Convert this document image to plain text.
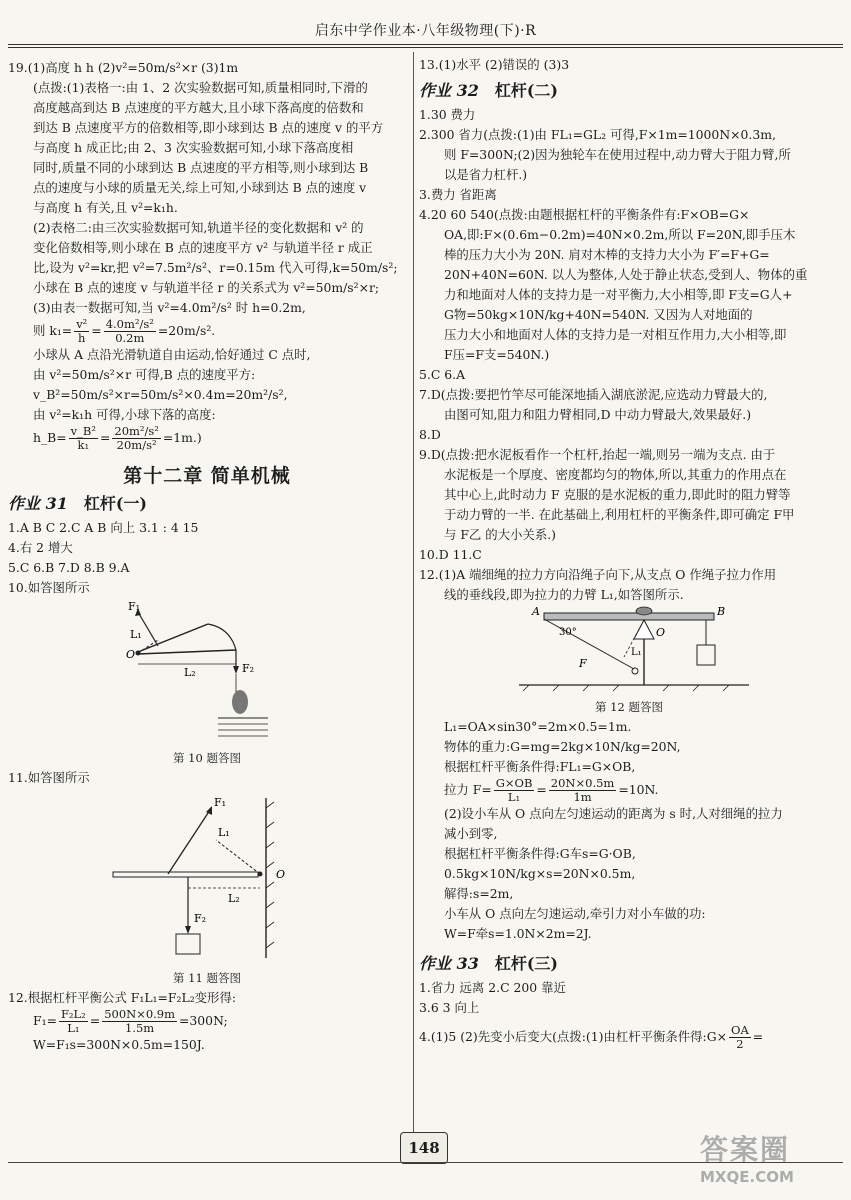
启东中学作业本·八年级物理(下)·R

19.(1)高度 h h (2)v²=50m/s²×r (3)1m

(点拨:(1)表格一:由 1、2 次实验数据可知,质量相同时,下滑的

高度越高到达 B 点速度的平方越大,且小球下落高度的倍数和

到达 B 点速度平方的倍数相等,即小球到达 B 点的速度 v 的平方

与高度 h 成正比;由 2、3 次实验数据可知,小球下落高度相

同时,质量不同的小球到达 B 点速度的平方相等,则小球到达 B

点的速度与小球的质量无关,综上可知,小球到达 B 点的速度 v

与高度 h 有关,且 v²=k₁h.

(2)表格二:由三次实验数据可知,轨道半径的变化数据和 v² 的

变化倍数相等,则小球在 B 点的速度平方 v² 与轨道半径 r 成正

比,设为 v²=kr,把 v²=7.5m²/s²、r=0.15m 代入可得,k=50m/s²;

小球在 B 点的速度 v 与轨道半径 r 的关系式为 v²=50m/s²×r;

(3)由表一数据可知,当 v²=4.0m²/s² 时 h=0.2m,

则 $k_1= \frac{\text{v²}}{h} = \frac{\text{4.0m²/s²}}{0.2m} =20m/s^2$.

小球从 A 点沿光滑轨道自由运动,恰好通过 C 点时,

由 v²=50m/s²×r 可得,B 点的速度平方:

v_B²=50m/s²×r=50m/s²×0.4m=20m²/s²,

由 v²=k₁h 可得,小球下落的高度:

h_B= $\frac{\text{v\_B²}}{\text{k₁}} = \frac{\text{20m²/s²}}{\text{20m/s²}} =1m$.)

第十二章 简单机械
作业 31 杠杆(一)

1.A B C 2.C A B 向上 3.1 : 4 15

4.右 2 增大

5.C 6.B 7.D 8.B 9.A

10.如答图所示

F₁
L₁
O
F₂
L₂
第 10 题答图

11.如答图所示

F₁
L₁
O
L₂
F₂
第 11 题答图

12.根据杠杆平衡公式 F₁L₁=F₂L₂变形得:

$F_1= \frac{\text{F₂L₂}}{\text{L₁}} = \frac{500N\times 0.9m}{1.5m} =300N$;

W=F₁s=300N×0.5m=150J.

13.(1)水平 (2)错误的 (3)3

作业 32 杠杆(二)

1.30 费力

2.300 省力(点拨:(1)由 FL₁=GL₂ 可得,F×1m=1000N×0.3m,

则 F=300N;(2)因为独轮车在使用过程中,动力臂大于阻力臂,所

以是省力杠杆.)

3.费力 省距离

4.20 60 540(点拨:由题根据杠杆的平衡条件有:F×OB=G×

OA,即:F×(0.6m−0.2m)=40N×0.2m,所以 F=20N,即手压木

棒的压力大小为 20N. 肩对木棒的支持力大小为 F′=F+G=

20N+40N=60N. 以人为整体,人处于静止状态,受到人、物体的重

力和地面对人体的支持力是一对平衡力,大小相等,即 F支=G人+

G物=50kg×10N/kg+40N=540N. 又因为人对地面的

压力大小和地面对人体的支持力是一对相互作用力,大小相等,即

F压=F支=540N.)

5.C 6.A

7.D(点拨:要把竹竿尽可能深地插入湖底淤泥,应选动力臂最大的,

由图可知,阻力和阻力臂相同,D 中动力臂最大,效果最好.)

8.D

9.D(点拨:把水泥板看作一个杠杆,抬起一端,则另一端为支点. 由于

水泥板是一个厚度、密度都均匀的物体,所以,其重力的作用点在

其中心上,此时动力 F 克服的是水泥板的重力,即此时的阻力臂等

于动力臂的一半. 在此基础上,利用杠杆的平衡条件,即可确定 F甲

与 F乙 的大小关系.)

10.D 11.C

12.(1)A 端细绳的拉力方向沿绳子向下,从支点 O 作绳子拉力作用

线的垂线段,即为拉力的力臂 L₁,如答图所示.

A	B
O
30°
F
L₁
第 12 题答图

L₁=OA×sin30°=2m×0.5=1m.

物体的重力:G=mg=2kg×10N/kg=20N,

根据杠杆平衡条件得:FL₁=G×OB,

拉力 $F= \frac{G\times OB}{\text{L₁}} = \frac{20N\times 0.5m}{1m} =10N$.

(2)设小车从 O 点向左匀速运动的距离为 s 时,人对细绳的拉力

减小到零,

根据杠杆平衡条件得:G车s=G·OB,

0.5kg×10N/kg×s=20N×0.5m,

解得:s=2m,

小车从 O 点向左匀速运动,牵引力对小车做的功:

W=F牵s=1.0N×2m=2J.

作业 33 杠杆(三)

1.省力 远离 2.C 200 靠近

3.6 3 向上

4.(1)5 (2)先变小后变大(点拨:(1)由杠杆平衡条件得:G× $\frac{OA}{2}$ =

148	答案圈
MXQE.COM
